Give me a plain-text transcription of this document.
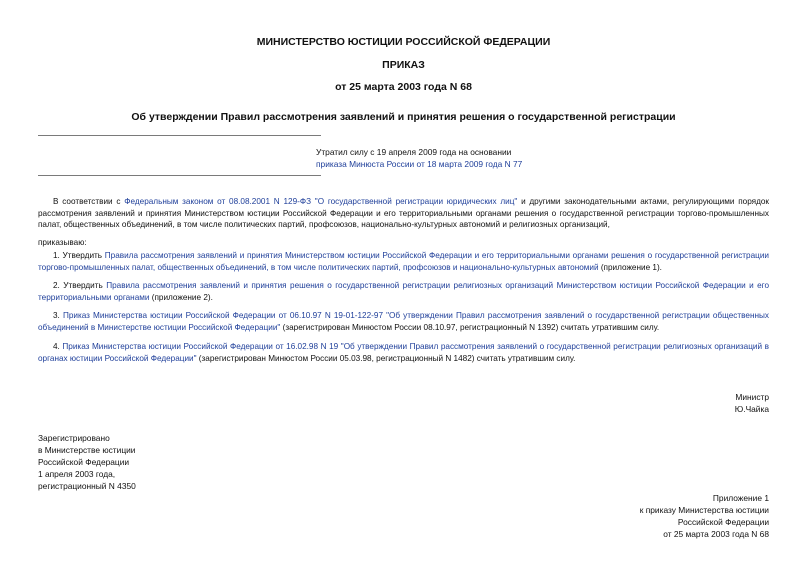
МИНИСТЕРСТВО ЮСТИЦИИ РОССИЙСКОЙ ФЕДЕРАЦИИ
ПРИКАЗ
от 25 марта 2003 года N 68
Об утверждении Правил рассмотрения заявлений и принятия решения о государственной регистрации
Утратил силу с 19 апреля 2009 года на основании
приказа Минюста России от 18 марта 2009 года N 77
В соответствии с Федеральным законом от 08.08.2001 N 129-ФЗ "О государственной регистрации юридических лиц" и другими законодательными актами, регулирующими порядок рассмотрения заявлений и принятия Министерством юстиции Российской Федерации и его территориальными органами решения о государственной регистрации торгово-промышленных палат, общественных объединений, в том числе политических партий, профсоюзов, национально-культурных автономий и религиозных организаций,
приказываю:
1. Утвердить Правила рассмотрения заявлений и принятия Министерством юстиции Российской Федерации и его территориальными органами решения о государственной регистрации торгово-промышленных палат, общественных объединений, в том числе политических партий, профсоюзов и национально-культурных автономий (приложение 1).
2. Утвердить Правила рассмотрения заявлений и принятия решения о государственной регистрации религиозных организаций Министерством юстиции Российской Федерации и его территориальными органами (приложение 2).
3. Приказ Министерства юстиции Российской Федерации от 06.10.97 N 19-01-122-97 "Об утверждении Правил рассмотрения заявлений о государственной регистрации общественных объединений в Министерстве юстиции Российской Федерации" (зарегистрирован Минюстом России 08.10.97, регистрационный N 1392) считать утратившим силу.
4. Приказ Министерства юстиции Российской Федерации от 16.02.98 N 19 "Об утверждении Правил рассмотрения заявлений о государственной регистрации религиозных организаций в органах юстиции Российской Федерации" (зарегистрирован Минюстом России 05.03.98, регистрационный N 1482) считать утратившим силу.
Министр
Ю.Чайка
Зарегистрировано
в Министерстве юстиции
Российской Федерации
1 апреля 2003 года,
регистрационный N 4350
Приложение 1
к приказу Министерства юстиции
Российской Федерации
от 25 марта 2003 года N 68
